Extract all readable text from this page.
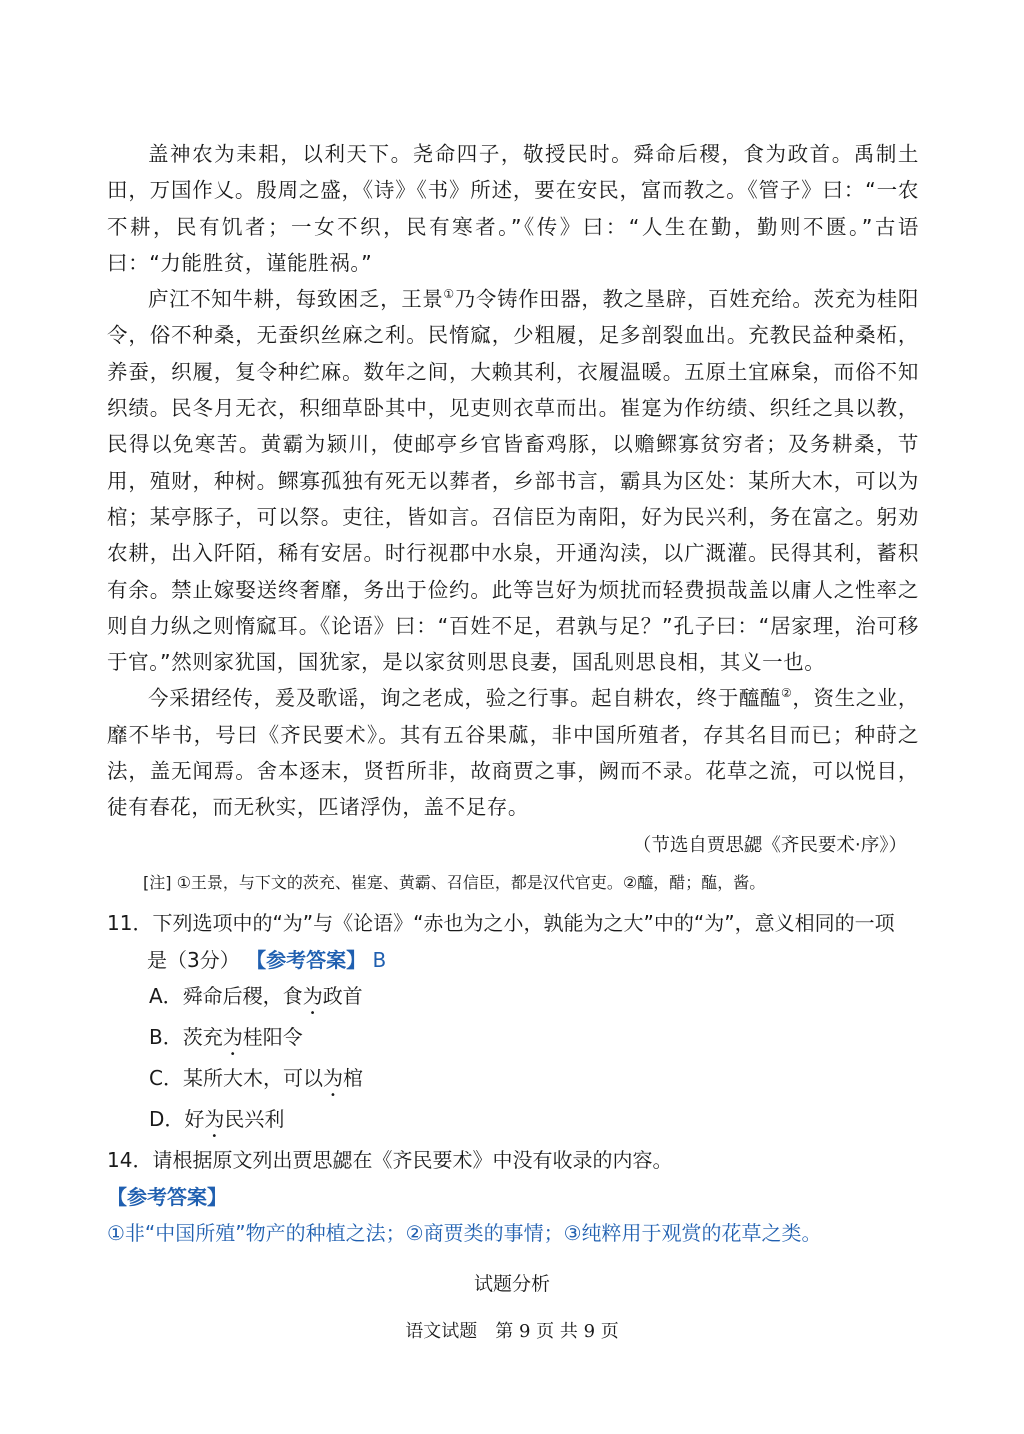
盖神农为耒耜，以利天下。尧命四子，敬授民时。舜命后稷，食为政首。禹制土田，万国作乂。殷周之盛，《诗》《书》所述，要在安民，富而教之。《管子》曰：“一农不耕，民有饥者；一女不织，民有寒者。”《传》曰：“人生在勤，勤则不匮。”古语曰：“力能胜贫，谨能胜祸。”

庐江不知牛耕，每致困乏，王景①乃令铸作田器，教之垦辟，百姓充给。茨充为桂阳令，俗不种桑，无蚕织丝麻之利。民惰窳，少粗履，足多剖裂血出。充教民益种桑柘，养蚕，织履，复令种纻麻。数年之间，大赖其利，衣履温暖。五原土宜麻枲，而俗不知织绩。民冬月无衣，积细草卧其中，见吏则衣草而出。崔寔为作纺绩、织纴之具以教，民得以免寒苦。黄霸为颍川，使邮亭乡官皆畜鸡豚，以赡鳏寡贫穷者；及务耕桑，节用，殖财，种树。鳏寡孤独有死无以葬者，乡部书言，霸具为区处：某所大木，可以为棺；某亭豚子，可以祭。吏往，皆如言。召信臣为南阳，好为民兴利，务在富之。躬劝农耕，出入阡陌，稀有安居。时行视郡中水泉，开通沟渎，以广溉灌。民得其利，蓄积有余。禁止嫁娶送终奢靡，务出于俭约。此等岂好为烦扰而轻费损哉盖以庸人之性率之则自力纵之则惰窳耳。《论语》曰：“百姓不足，君孰与足？”孔子曰：“居家理，治可移于官。”然则家犹国，国犹家，是以家贫则思良妻，国乱则思良相，其义一也。

今采捃经传，爰及歌谣，询之老成，验之行事。起自耕农，终于醯醢②，资生之业，靡不毕书，号曰《齐民要术》。其有五谷果蓏，非中国所殖者，存其名目而已；种莳之法，盖无闻焉。舍本逐末，贤哲所非，故商贾之事，阙而不录。花草之流，可以悦目，徒有春花，而无秋实，匹诸浮伪，盖不足存。

（节选自贾思勰《齐民要术·序》）
[注] ①王景，与下文的茨充、崔寔、黄霸、召信臣，都是汉代官吏。②醯，醋；醢，酱。
11．下列选项中的“为”与《论语》“赤也为之小，孰能为之大”中的“为”，意义相同的一项
是（3分） 【参考答案】 B
A．舜命后稷，食为政首
B．茨充为桂阳令
C．某所大木，可以为棺
D．好为民兴利
14．请根据原文列出贾思勰在《齐民要术》中没有收录的内容。
【参考答案】
①非“中国所殖”物产的种植之法；②商贾类的事情；③纯粹用于观赏的花草之类。
试题分析
语文试题　第 9 页 共 9 页
